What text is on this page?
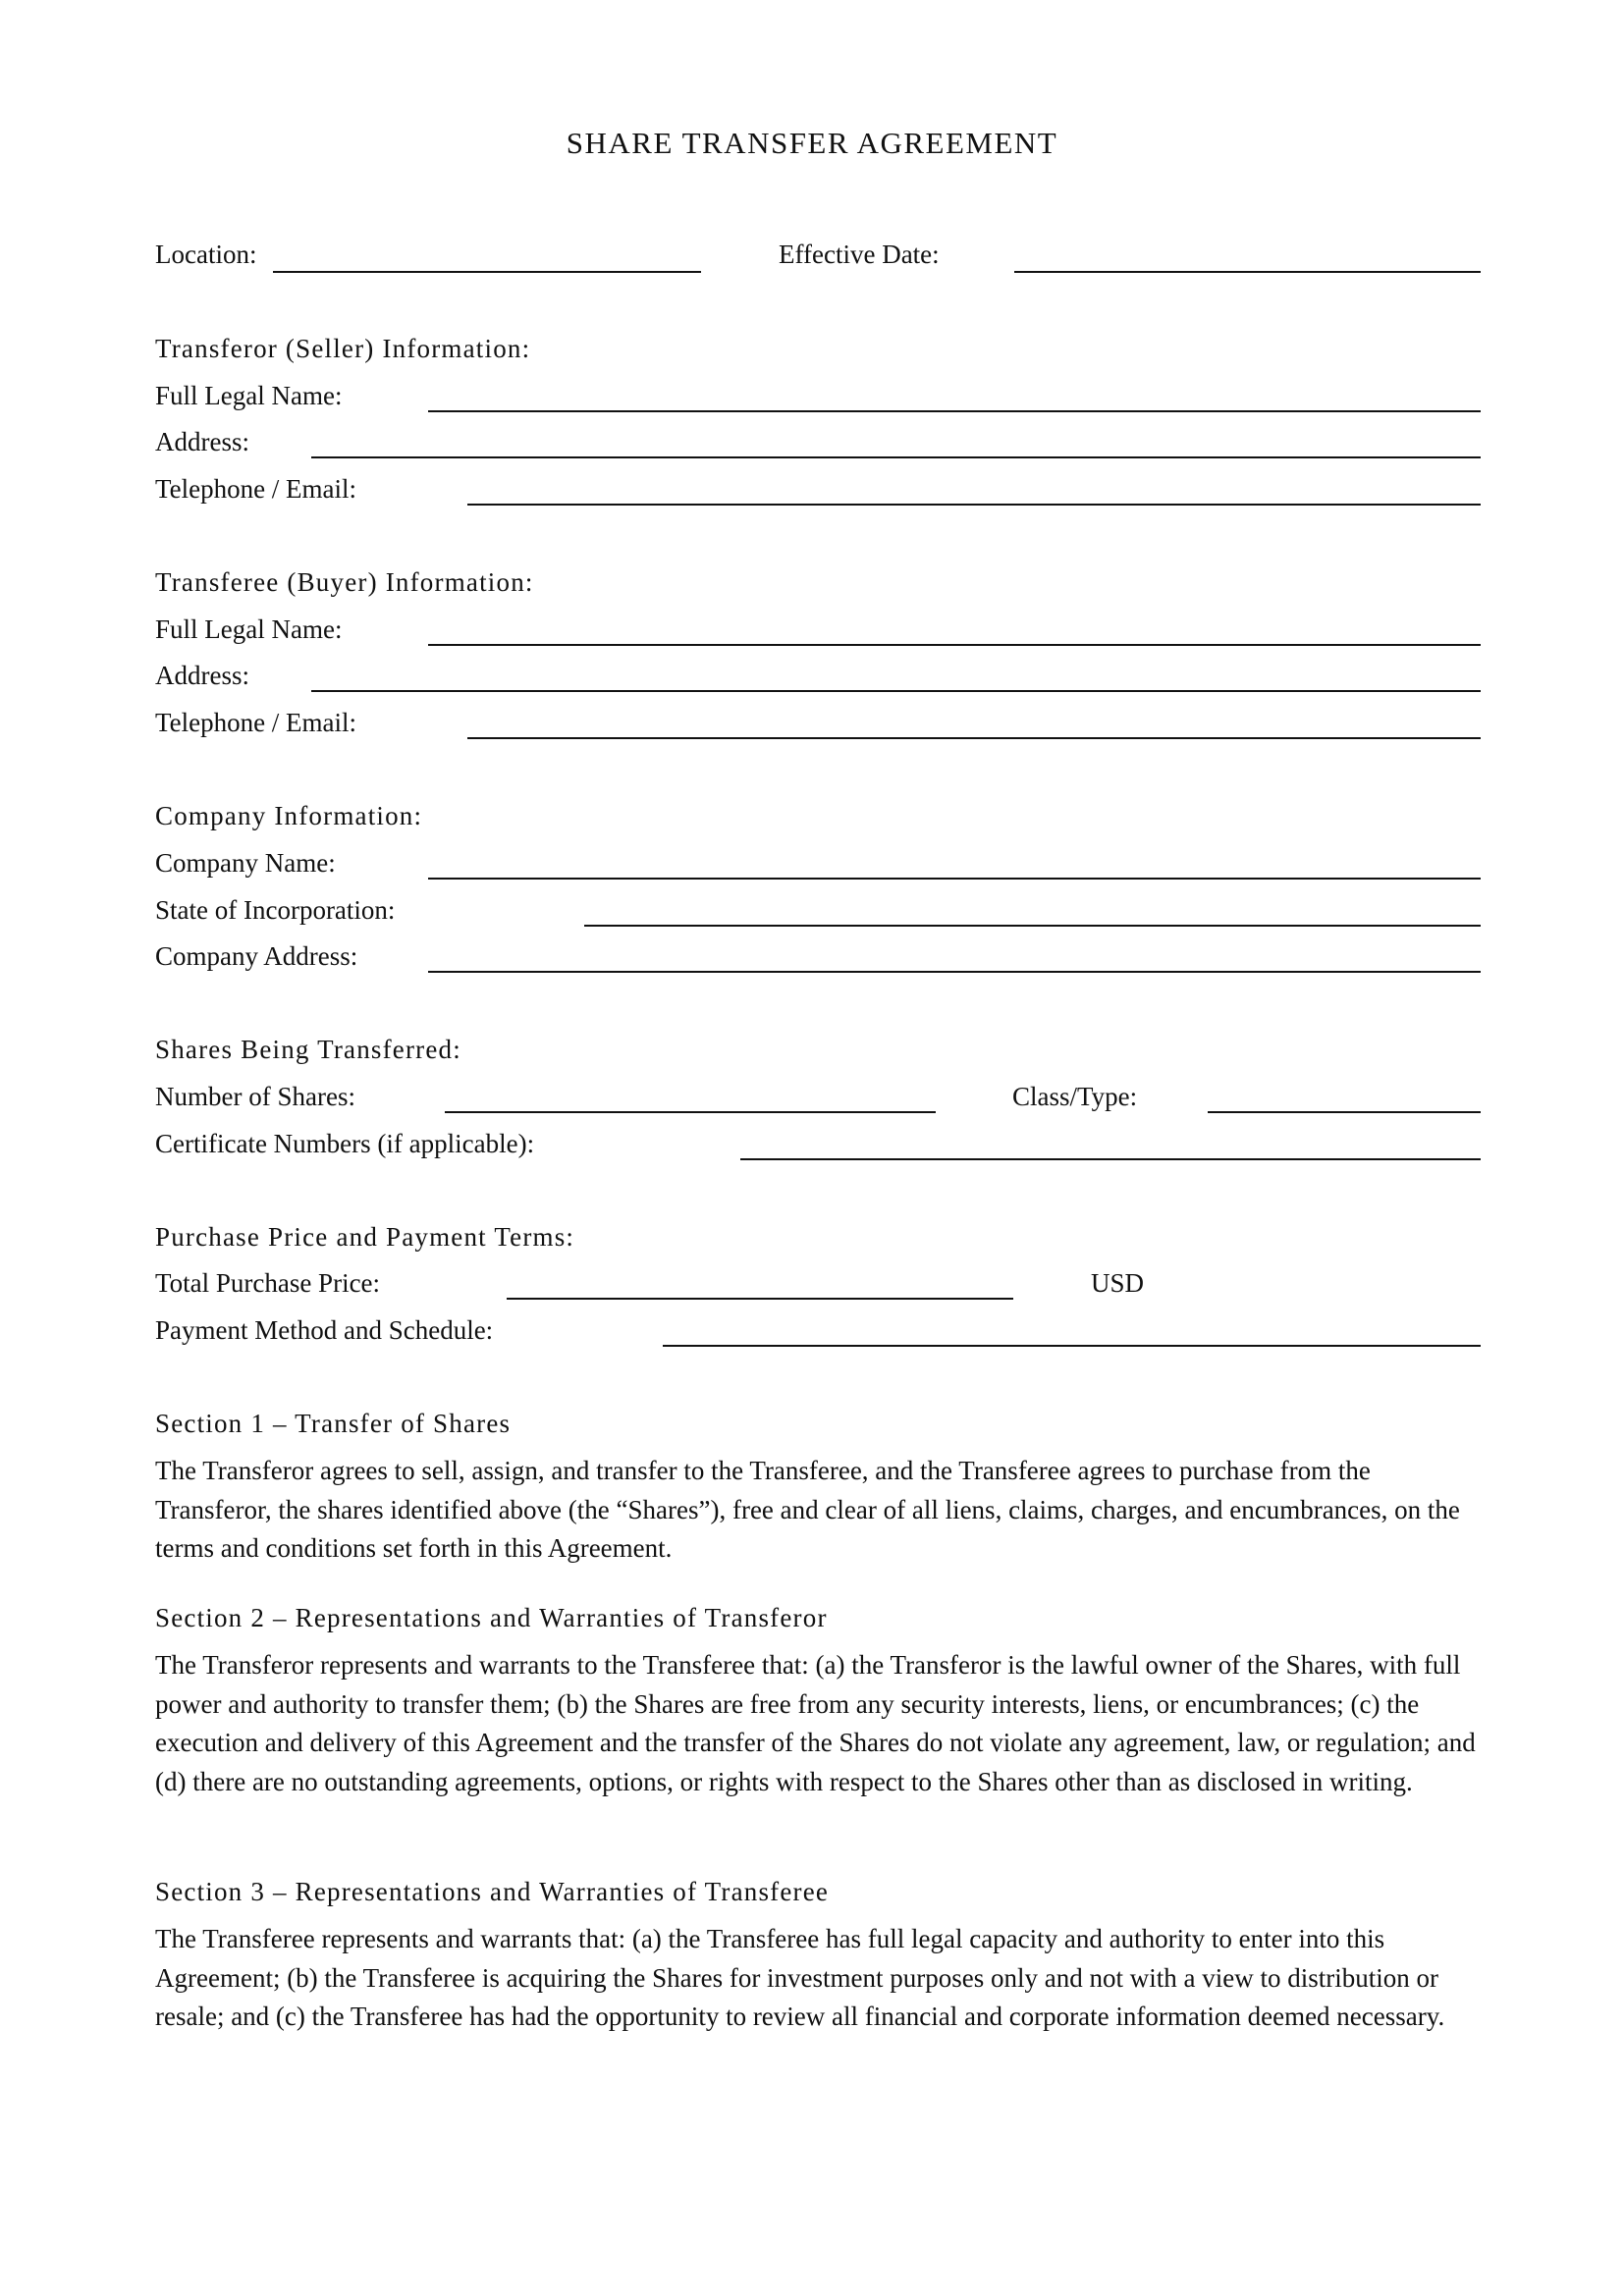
SHARE TRANSFER AGREEMENT
Location:	Effective Date:
Transferor (Seller) Information:
Full Legal Name:
Address:
Telephone / Email:
Transferee (Buyer) Information:
Full Legal Name:
Address:
Telephone / Email:
Company Information:
Company Name:
State of Incorporation:
Company Address:
Shares Being Transferred:
Number of Shares:	Class/Type:
Certificate Numbers (if applicable):
Purchase Price and Payment Terms:
Total Purchase Price:	USD
Payment Method and Schedule:
Section 1 – Transfer of Shares
The Transferor agrees to sell, assign, and transfer to the Transferee, and the Transferee agrees to purchase from the Transferor, the shares identified above (the “Shares”), free and clear of all liens, claims, charges, and encumbrances, on the terms and conditions set forth in this Agreement.
Section 2 – Representations and Warranties of Transferor
The Transferor represents and warrants to the Transferee that: (a) the Transferor is the lawful owner of the Shares, with full power and authority to transfer them; (b) the Shares are free from any security interests, liens, or encumbrances; (c) the execution and delivery of this Agreement and the transfer of the Shares do not violate any agreement, law, or regulation; and (d) there are no outstanding agreements, options, or rights with respect to the Shares other than as disclosed in writing.
Section 3 – Representations and Warranties of Transferee
The Transferee represents and warrants that: (a) the Transferee has full legal capacity and authority to enter into this Agreement; (b) the Transferee is acquiring the Shares for investment purposes only and not with a view to distribution or resale; and (c) the Transferee has had the opportunity to review all financial and corporate information deemed necessary.
